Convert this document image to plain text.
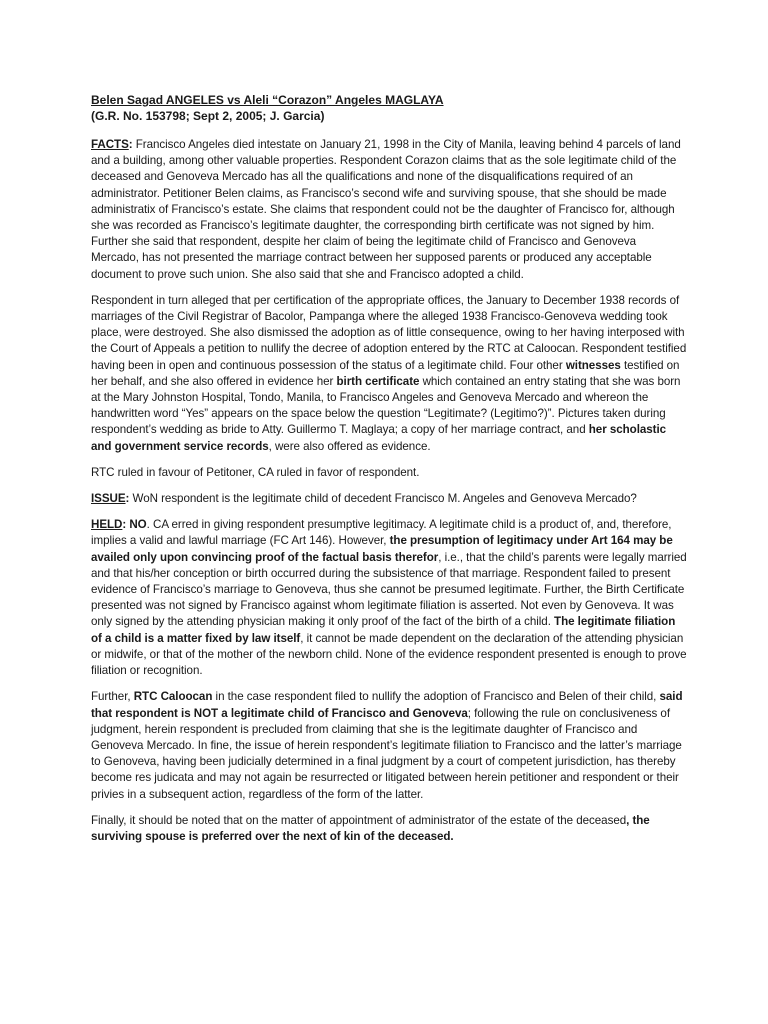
Belen Sagad ANGELES vs Aleli “Corazon” Angeles MAGLAYA

(G.R. No. 153798; Sept 2, 2005; J. Garcia)

FACTS: Francisco Angeles died intestate on January 21, 1998 in the City of Manila, leaving behind 4 parcels of land and a building, among other valuable properties. Respondent Corazon claims that as the sole legitimate child of the deceased and Genoveva Mercado has all the qualifications and none of the disqualifications required of an administrator. Petitioner Belen claims, as Francisco’s second wife and surviving spouse, that she should be made administratix of Francisco’s estate. She claims that respondent could not be the daughter of Francisco for, although she was recorded as Francisco’s legitimate daughter, the corresponding birth certificate was not signed by him. Further she said that respondent, despite her claim of being the legitimate child of Francisco and Genoveva Mercado, has not presented the marriage contract between her supposed parents or produced any acceptable document to prove such union. She also said that she and Francisco adopted a child.

Respondent in turn alleged that per certification of the appropriate offices, the January to December 1938 records of marriages of the Civil Registrar of Bacolor, Pampanga where the alleged 1938 Francisco-Genoveva wedding took place, were destroyed. She also dismissed the adoption as of little consequence, owing to her having interposed with the Court of Appeals a petition to nullify the decree of adoption entered by the RTC at Caloocan. Respondent testified having been in open and continuous possession of the status of a legitimate child. Four other witnesses testified on her behalf, and she also offered in evidence her birth certificate which contained an entry stating that she was born at the Mary Johnston Hospital, Tondo, Manila, to Francisco Angeles and Genoveva Mercado and whereon the handwritten word “Yes” appears on the space below the question “Legitimate? (Legitimo?)”. Pictures taken during respondent’s wedding as bride to Atty. Guillermo T. Maglaya; a copy of her marriage contract, and her scholastic and government service records, were also offered as evidence.

RTC ruled in favour of Petitoner, CA ruled in favor of respondent.

ISSUE: WoN respondent is the legitimate child of decedent Francisco M. Angeles and Genoveva Mercado?

HELD: NO. CA erred in giving respondent presumptive legitimacy. A legitimate child is a product of, and, therefore, implies a valid and lawful marriage (FC Art 146). However, the presumption of legitimacy under Art 164 may be availed only upon convincing proof of the factual basis therefor, i.e., that the child’s parents were legally married and that his/her conception or birth occurred during the subsistence of that marriage. Respondent failed to present evidence of Francisco’s marriage to Genoveva, thus she cannot be presumed legitimate. Further, the Birth Certificate presented was not signed by Francisco against whom legitimate filiation is asserted. Not even by Genoveva. It was only signed by the attending physician making it only proof of the fact of the birth of a child. The legitimate filiation of a child is a matter fixed by law itself, it cannot be made dependent on the declaration of the attending physician or midwife, or that of the mother of the newborn child. None of the evidence respondent presented is enough to prove filiation or recognition.

Further, RTC Caloocan in the case respondent filed to nullify the adoption of Francisco and Belen of their child, said that respondent is NOT a legitimate child of Francisco and Genoveva; following the rule on conclusiveness of judgment, herein respondent is precluded from claiming that she is the legitimate daughter of Francisco and Genoveva Mercado. In fine, the issue of herein respondent’s legitimate filiation to Francisco and the latter’s marriage to Genoveva, having been judicially determined in a final judgment by a court of competent jurisdiction, has thereby become res judicata and may not again be resurrected or litigated between herein petitioner and respondent or their privies in a subsequent action, regardless of the form of the latter.

Finally, it should be noted that on the matter of appointment of administrator of the estate of the deceased, the surviving spouse is preferred over the next of kin of the deceased.
